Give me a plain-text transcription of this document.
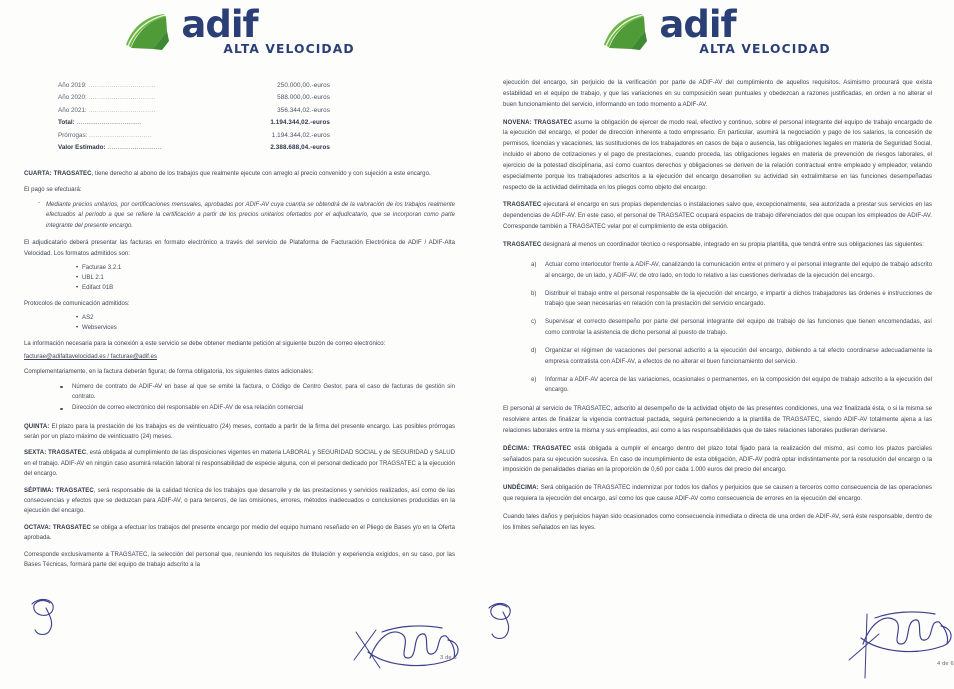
adif
ALTA VELOCIDAD
Año 2019: ................................	250.000,00.-euros
Año 2020: ................................	588.000,00.-euros
Año 2021: ................................	356.344,02.-euros
Total: ...............................	1.194.344,02.-euros
Prórrogas: ..............................	1.194.344,02.-euros
Valor Estimado: ..........................	2.388.688,04.-euros

CUARTA: TRAGSATEC, tiene derecho al abono de los trabajos que realmente ejecute con arreglo al precio convenido y con sujeción a este encargo.

El pago se efectuará:

- Mediante precios unitarios, por certificaciones mensuales, aprobadas por ADIF-AV cuya cuantía se obtendrá de la valoración de los trabajos realmente efectuados al período a que se refiere la certificación a partir de los precios unitarios ofertados por el adjudicatario, que se incorporan como parte integrante del presente encargo.

El adjudicatario deberá presentar las facturas en formato electrónico a través del servicio de Plataforma de Facturación Electrónica de ADIF / ADIF-Alta Velocidad. Los formatos admitidos son:

• Facturae 3.2.1
• UBL 2.1
• Edifact 01B

Protocolos de comunicación admitidos:

• AS2
• Webservices

La información necesaria para la conexión a este servicio se debe obtener mediante petición al siguiente buzón de correo electrónico:

facturae@adifaltavelocidad.es / facturae@adif.es

Complementariamente, en la factura deberán figurar, de forma obligatoria, los siguientes datos adicionales:

Número de contrato de ADIF-AV en base al que se emite la factura, o Código de Centro Gestor, para el caso de facturas de gestión sin contrato.
Dirección de correo electrónico del responsable en ADIF-AV de esa relación comercial

QUINTA: El plazo para la prestación de los trabajos es de veinticuatro (24) meses, contado a partir de la firma del presente encargo. Las posibles prórrogas serán por un plazo máximo de veinticuatro (24) meses.

SEXTA: TRAGSATEC, está obligada al cumplimiento de las disposiciones vigentes en materia LABORAL y SEGURIDAD SOCIAL y de SEGURIDAD y SALUD en el trabajo. ADIF-AV en ningún caso asumirá relación laboral ni responsabilidad de especie alguna, con el personal dedicado por TRAGSATEC a la ejecución del encargo.

SÉPTIMA: TRAGSATEC, será responsable de la calidad técnica de los trabajos que desarrolle y de las prestaciones y servicios realizados, así como de las consecuencias y efectos que se deduzcan para ADIF-AV, o para terceros, de las omisiones, errores, métodos inadecuados o conclusiones producidas en la ejecución del encargo.

OCTAVA: TRAGSATEC se obliga a efectuar los trabajos del presente encargo por medio del equipo humano reseñado en el Pliego de Bases y/o en la Oferta aprobada.

Corresponde exclusivamente a TRAGSATEC, la selección del personal que, reuniendo los requisitos de titulación y experiencia exigidos, en su caso, por las Bases Técnicas, formará parte del equipo de trabajo adscrito a la

3 de 6
adif
ALTA VELOCIDAD

ejecución del encargo, sin perjuicio de la verificación por parte de ADIF-AV del cumplimiento de aquellos requisitos. Asimismo procurará que exista estabilidad en el equipo de trabajo, y que las variaciones en su composición sean puntuales y obedezcan a razones justificadas, en orden a no alterar el buen funcionamiento del servicio, informando en todo momento a ADIF-AV.

NOVENA: TRAGSATEC asume la obligación de ejercer de modo real, efectivo y continuo, sobre el personal integrante del equipo de trabajo encargado de la ejecución del encargo, el poder de dirección inherente a todo empresario. En particular, asumirá la negociación y pago de los salarios, la concesión de permisos, licencias y vacaciones, las sustituciones de los trabajadores en casos de baja o ausencia, las obligaciones legales en materia de Seguridad Social, incluido el abono de cotizaciones y el pago de prestaciones, cuando proceda, las obligaciones legales en materia de prevención de riesgos laborales, el ejercicio de la potestad disciplinaria, así como cuantos derechos y obligaciones se deriven de la relación contractual entre empleado y empleador, velando especialmente porque los trabajadores adscritos a la ejecución del encargo desarrollen su actividad sin extralimitarse en las funciones desempeñadas respecto de la actividad delimitada en los pliegos como objeto del encargo.

TRAGSATEC ejecutará el encargo en sus propias dependencias o instalaciones salvo que, excepcionalmente, sea autorizada a prestar sus servicios en las dependencias de ADIF-AV. En este caso, el personal de TRAGSATEC ocupará espacios de trabajo diferenciados del que ocupan los empleados de ADIF-AV. Corresponde también a TRAGSATEC velar por el cumplimiento de esta obligación.

TRAGSATEC designará al menos un coordinador técnico o responsable, integrado en su propia plantilla, que tendrá entre sus obligaciones las siguientes:

Actuar como interlocutor frente a ADIF-AV, canalizando la comunicación entre el primero y el personal integrante del equipo de trabajo adscrito al encargo, de un lado, y ADIF-AV, de otro lado, en todo lo relativo a las cuestiones derivadas de la ejecución del encargo.
Distribuir el trabajo entre el personal responsable de la ejecución del encargo, e impartir a dichos trabajadores las órdenes e instrucciones de trabajo que sean necesarias en relación con la prestación del servicio encargado.
Supervisar el correcto desempeño por parte del personal integrante del equipo de trabajo de las funciones que tienen encomendadas, así como controlar la asistencia de dicho personal al puesto de trabajo.
Organizar el régimen de vacaciones del personal adscrito a la ejecución del encargo, debiendo a tal efecto coordinarse adecuadamente la empresa contratista con ADIF-AV, a efectos de no alterar el buen funcionamiento del servicio.
Informar a ADIF-AV acerca de las variaciones, ocasionales o permanentes, en la composición del equipo de trabajo adscrito a la ejecución del encargo.

El personal al servicio de TRAGSATEC, adscrito al desempeño de la actividad objeto de las presentes condiciones, una vez finalizada ésta, o si la misma se resolviere antes de finalizar la vigencia contractual pactada, seguirá perteneciendo a la plantilla de TRAGSATEC, siendo ADIF-AV totalmente ajena a las relaciones laborales entre la misma y sus empleados, así como a las responsabilidades que de tales relaciones laborales pudieran derivarse.

DÉCIMA: TRAGSATEC está obligada a cumplir el encargo dentro del plazo total fijado para la realización del mismo, así como los plazos parciales señalados para su ejecución sucesiva. En caso de incumplimiento de esta obligación, ADIF-AV podrá optar indistintamente por la resolución del encargo o la imposición de penalidades diarias en la proporción de 0,60 por cada 1.000 euros del precio del encargo.

UNDÉCIMA: Será obligación de TRAGSATEC indemnizar por todos los daños y perjuicios que se causen a terceros como consecuencia de las operaciones que requiera la ejecución del encargo, así como los que cause ADIF-AV como consecuencia de errores en la ejecución del encargo.

Cuando tales daños y perjuicios hayan sido ocasionados como consecuencia inmediata o directa de una orden de ADIF-AV, será éste responsable, dentro de los límites señalados en las leyes.

4 de 6
